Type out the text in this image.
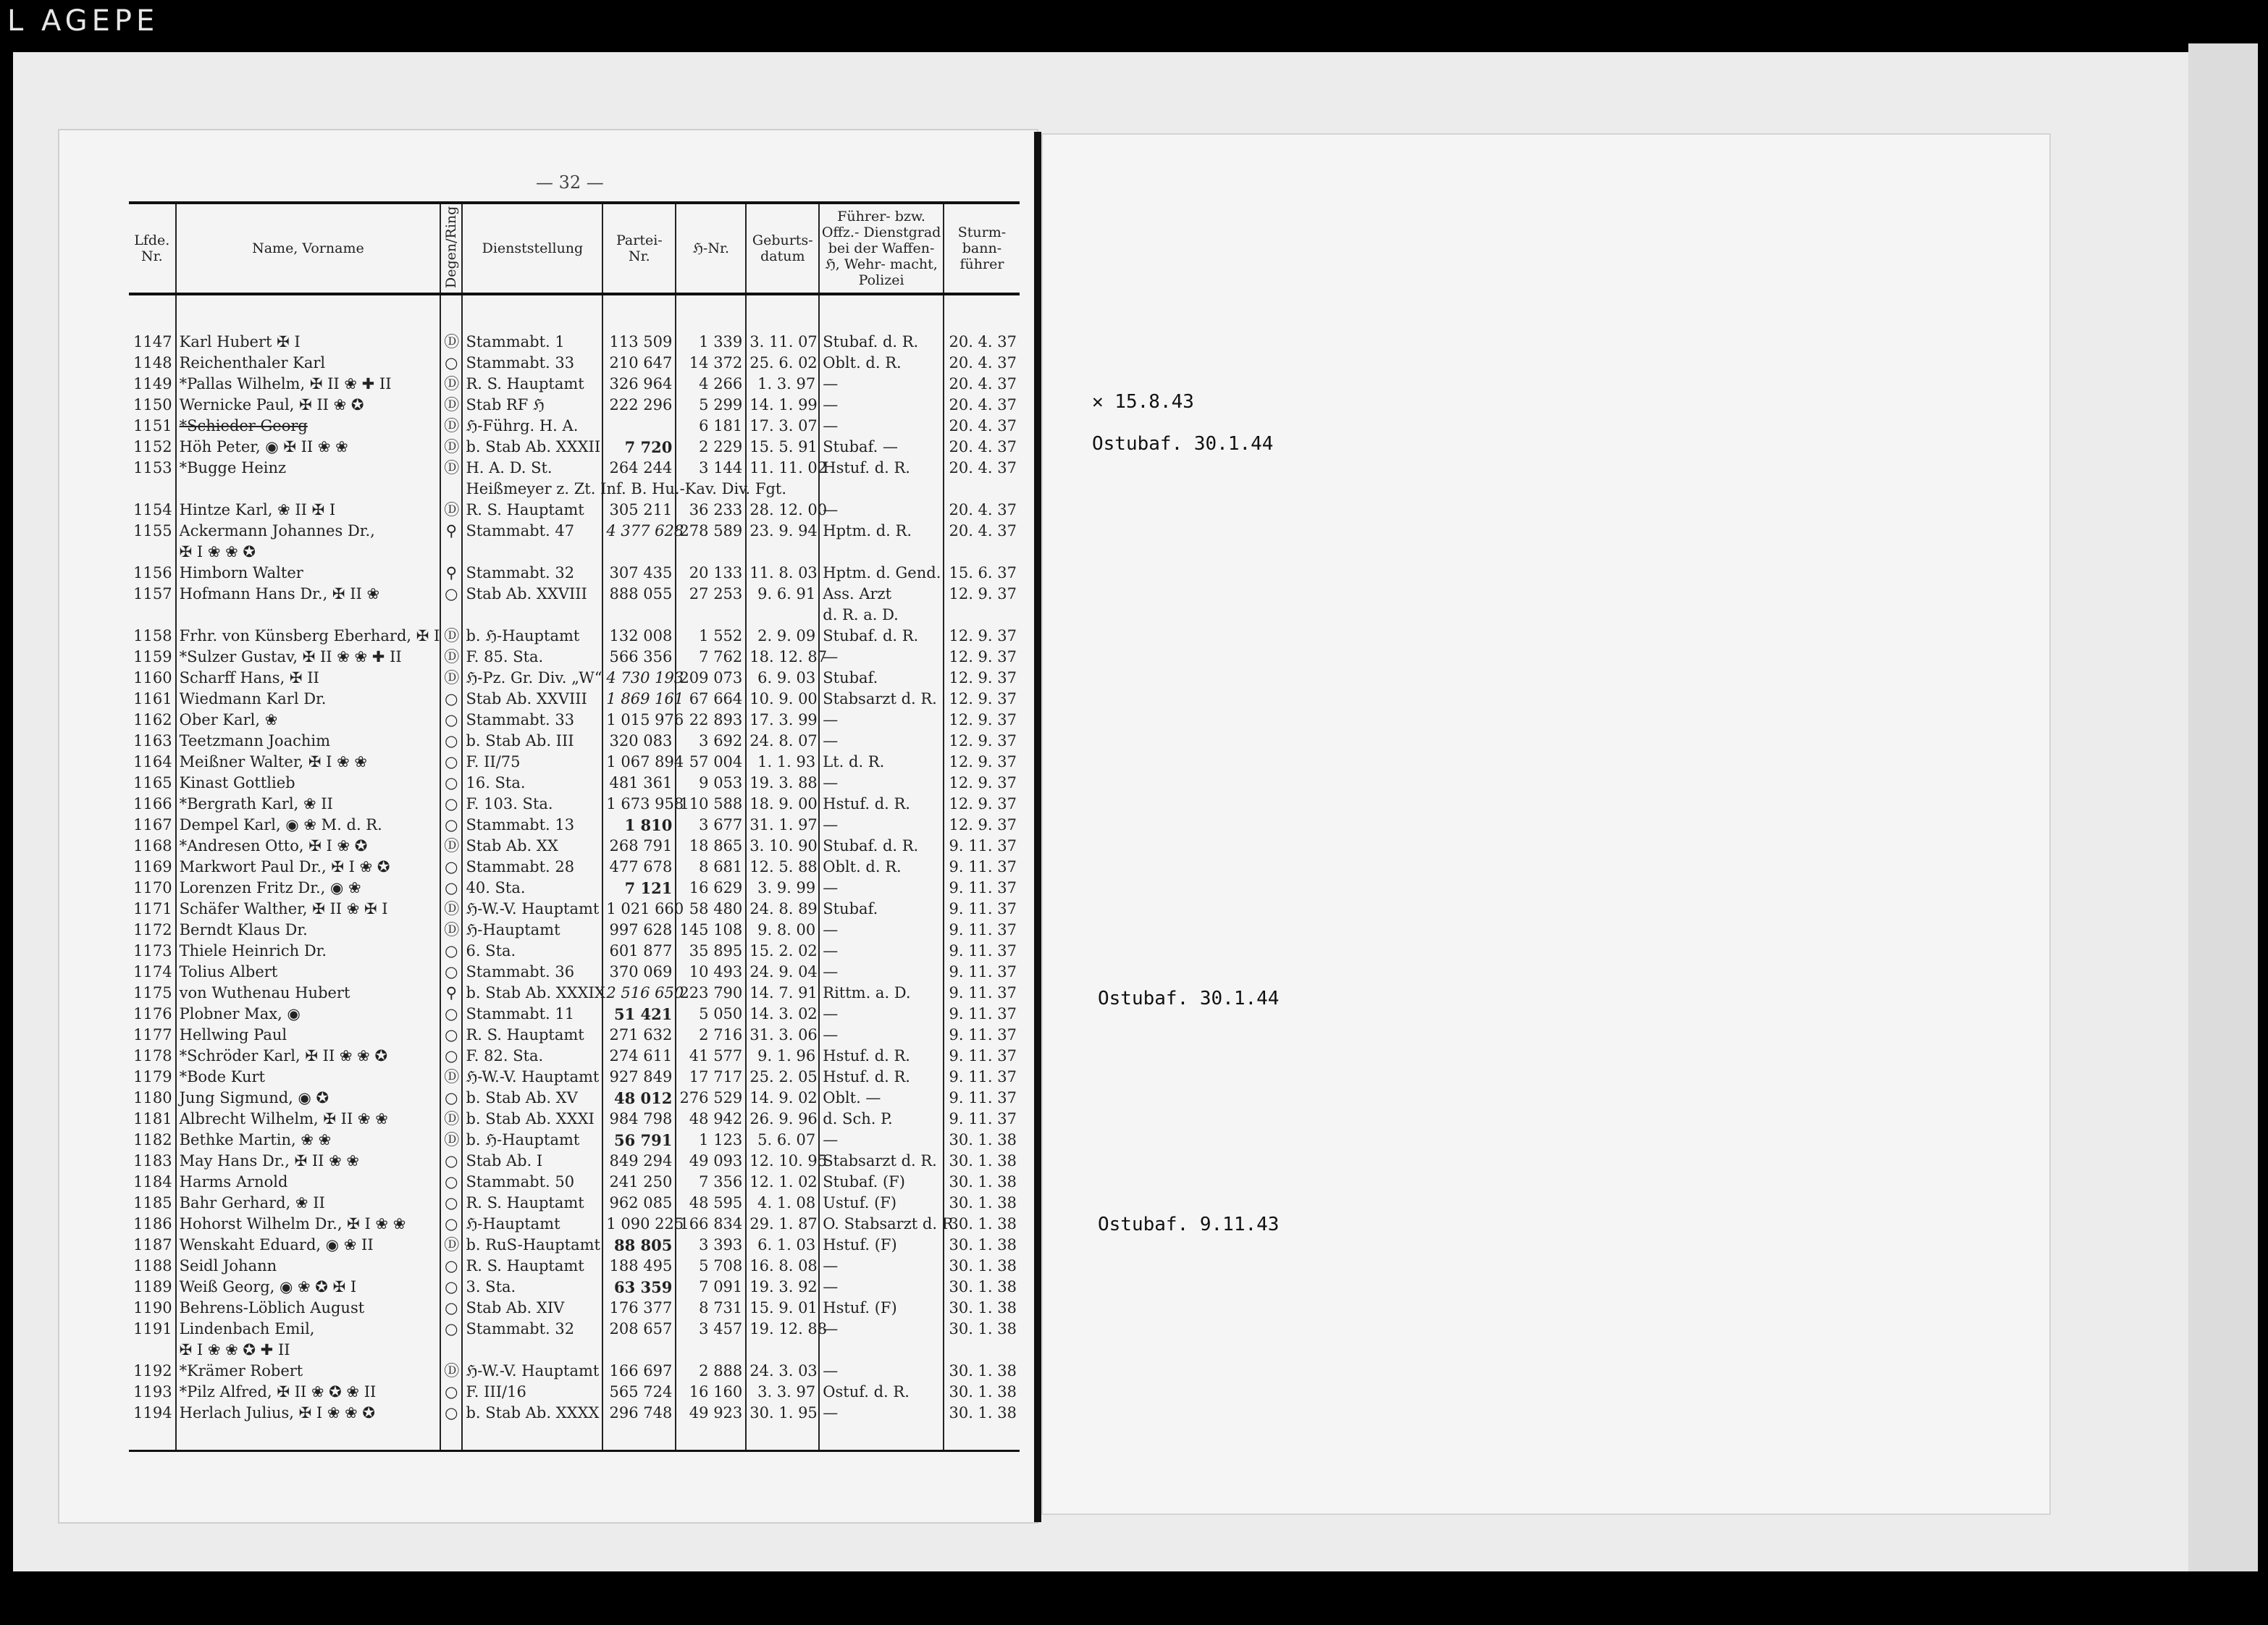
L AGEPE
— 32 —
Lfde. Nr.	Name, Vorname	Degen/Ring	Dienststellung	Partei- Nr.	ℌ-Nr.	Geburts- datum	Führer- bzw. Offz.- Dienstgrad bei der Waffen-ℌ, Wehr- macht, Polizei	Sturm- bann- führer

1147	Karl Hubert ✠ I	Ⓓ	Stammabt. 1	113 509	1 339	3. 11. 07	Stubaf. d. R.	20. 4. 37
1148	Reichenthaler Karl	○	Stammabt. 33	210 647	14 372	25. 6. 02	Oblt. d. R.	20. 4. 37
1149	*Pallas Wilhelm, ✠ II ❀ ✚ II	Ⓓ	R. S. Hauptamt	326 964	4 266	1. 3. 97	—	20. 4. 37
1150	Wernicke Paul, ✠ II ❀ ✪	Ⓓ	Stab RF ℌ	222 296	5 299	14. 1. 99	—	20. 4. 37
1151	*Schieder Georg	Ⓓ	ℌ-Führg. H. A.		6 181	17. 3. 07	—	20. 4. 37
1152	Höh Peter, ◉ ✠ II ❀ ❀	Ⓓ	b. Stab Ab. XXXII	7 720	2 229	15. 5. 91	Stubaf. —	20. 4. 37
1153	*Bugge Heinz	Ⓓ	H. A. D. St.	264 244	3 144	11. 11. 02	Hstuf. d. R.	20. 4. 37
			Heißmeyer z. Zt. Inf. B. Hu.-Kav. Div. Fgt.					
1154	Hintze Karl, ❀ II ✠ I	Ⓓ	R. S. Hauptamt	305 211	36 233	28. 12. 00	—	20. 4. 37
1155	Ackermann Johannes Dr.,	⚲	Stammabt. 47	4 377 628	278 589	23. 9. 94	Hptm. d. R.	20. 4. 37
	✠ I ❀ ❀ ✪							
1156	Himborn Walter	⚲	Stammabt. 32	307 435	20 133	11. 8. 03	Hptm. d. Gend.	15. 6. 37
1157	Hofmann Hans Dr., ✠ II ❀	○	Stab Ab. XXVIII	888 055	27 253	9. 6. 91	Ass. Arzt	12. 9. 37
							d. R. a. D.	
1158	Frhr. von Künsberg Eberhard, ✠ I	Ⓓ	b. ℌ-Hauptamt	132 008	1 552	2. 9. 09	Stubaf. d. R.	12. 9. 37
1159	*Sulzer Gustav, ✠ II ❀ ❀ ✚ II	Ⓓ	F. 85. Sta.	566 356	7 762	18. 12. 87	—	12. 9. 37
1160	Scharff Hans, ✠ II	Ⓓ	ℌ-Pz. Gr. Div. „W“	4 730 193	209 073	6. 9. 03	Stubaf.	12. 9. 37
1161	Wiedmann Karl Dr.	○	Stab Ab. XXVIII	1 869 161	67 664	10. 9. 00	Stabsarzt d. R.	12. 9. 37
1162	Ober Karl, ❀	○	Stammabt. 33	1 015 976	22 893	17. 3. 99	—	12. 9. 37
1163	Teetzmann Joachim	○	b. Stab Ab. III	320 083	3 692	24. 8. 07	—	12. 9. 37
1164	Meißner Walter, ✠ I ❀ ❀	○	F. II/75	1 067 894	57 004	1. 1. 93	Lt. d. R.	12. 9. 37
1165	Kinast Gottlieb	○	16. Sta.	481 361	9 053	19. 3. 88	—	12. 9. 37
1166	*Bergrath Karl, ❀ II	○	F. 103. Sta.	1 673 958	110 588	18. 9. 00	Hstuf. d. R.	12. 9. 37
1167	Dempel Karl, ◉ ❀ M. d. R.	○	Stammabt. 13	1 810	3 677	31. 1. 97	—	12. 9. 37
1168	*Andresen Otto, ✠ I ❀ ✪	Ⓓ	Stab Ab. XX	268 791	18 865	3. 10. 90	Stubaf. d. R.	9. 11. 37
1169	Markwort Paul Dr., ✠ I ❀ ✪	○	Stammabt. 28	477 678	8 681	12. 5. 88	Oblt. d. R.	9. 11. 37
1170	Lorenzen Fritz Dr., ◉ ❀	○	40. Sta.	7 121	16 629	3. 9. 99	—	9. 11. 37
1171	Schäfer Walther, ✠ II ❀ ✠ I	Ⓓ	ℌ-W.-V. Hauptamt	1 021 660	58 480	24. 8. 89	Stubaf.	9. 11. 37
1172	Berndt Klaus Dr.	Ⓓ	ℌ-Hauptamt	997 628	145 108	9. 8. 00	—	9. 11. 37
1173	Thiele Heinrich Dr.	○	6. Sta.	601 877	35 895	15. 2. 02	—	9. 11. 37
1174	Tolius Albert	○	Stammabt. 36	370 069	10 493	24. 9. 04	—	9. 11. 37
1175	von Wuthenau Hubert	⚲	b. Stab Ab. XXXIX	2 516 650	223 790	14. 7. 91	Rittm. a. D.	9. 11. 37
1176	Plobner Max, ◉	○	Stammabt. 11	51 421	5 050	14. 3. 02	—	9. 11. 37
1177	Hellwing Paul	○	R. S. Hauptamt	271 632	2 716	31. 3. 06	—	9. 11. 37
1178	*Schröder Karl, ✠ II ❀ ❀ ✪	○	F. 82. Sta.	274 611	41 577	9. 1. 96	Hstuf. d. R.	9. 11. 37
1179	*Bode Kurt	Ⓓ	ℌ-W.-V. Hauptamt	927 849	17 717	25. 2. 05	Hstuf. d. R.	9. 11. 37
1180	Jung Sigmund, ◉ ✪	○	b. Stab Ab. XV	48 012	276 529	14. 9. 02	Oblt. —	9. 11. 37
1181	Albrecht Wilhelm, ✠ II ❀ ❀	Ⓓ	b. Stab Ab. XXXI	984 798	48 942	26. 9. 96	d. Sch. P.	9. 11. 37
1182	Bethke Martin, ❀ ❀	Ⓓ	b. ℌ-Hauptamt	56 791	1 123	5. 6. 07	—	30. 1. 38
1183	May Hans Dr., ✠ II ❀ ❀	○	Stab Ab. I	849 294	49 093	12. 10. 95	Stabsarzt d. R.	30. 1. 38
1184	Harms Arnold	○	Stammabt. 50	241 250	7 356	12. 1. 02	Stubaf. (F)	30. 1. 38
1185	Bahr Gerhard, ❀ II	○	R. S. Hauptamt	962 085	48 595	4. 1. 08	Ustuf. (F)	30. 1. 38
1186	Hohorst Wilhelm Dr., ✠ I ❀ ❀	○	ℌ-Hauptamt	1 090 225	166 834	29. 1. 87	O. Stabsarzt d. R.	30. 1. 38
1187	Wenskaht Eduard, ◉ ❀ II	Ⓓ	b. RuS-Hauptamt	88 805	3 393	6. 1. 03	Hstuf. (F)	30. 1. 38
1188	Seidl Johann	○	R. S. Hauptamt	188 495	5 708	16. 8. 08	—	30. 1. 38
1189	Weiß Georg, ◉ ❀ ✪ ✠ I	○	3. Sta.	63 359	7 091	19. 3. 92	—	30. 1. 38
1190	Behrens-Löblich August	○	Stab Ab. XIV	176 377	8 731	15. 9. 01	Hstuf. (F)	30. 1. 38
1191	Lindenbach Emil,	○	Stammabt. 32	208 657	3 457	19. 12. 88	—	30. 1. 38
	✠ I ❀ ❀ ✪ ✚ II							
1192	*Krämer Robert	Ⓓ	ℌ-W.-V. Hauptamt	166 697	2 888	24. 3. 03	—	30. 1. 38
1193	*Pilz Alfred, ✠ II ❀ ✪ ❀ II	○	F. III/16	565 724	16 160	3. 3. 97	Ostuf. d. R.	30. 1. 38
1194	Herlach Julius, ✠ I ❀ ❀ ✪	○	b. Stab Ab. XXXX	296 748	49 923	30. 1. 95	—	30. 1. 38

✕ 15.8.43
Ostubaf. 30.1.44
Ostubaf. 30.1.44
Ostubaf. 9.11.43
